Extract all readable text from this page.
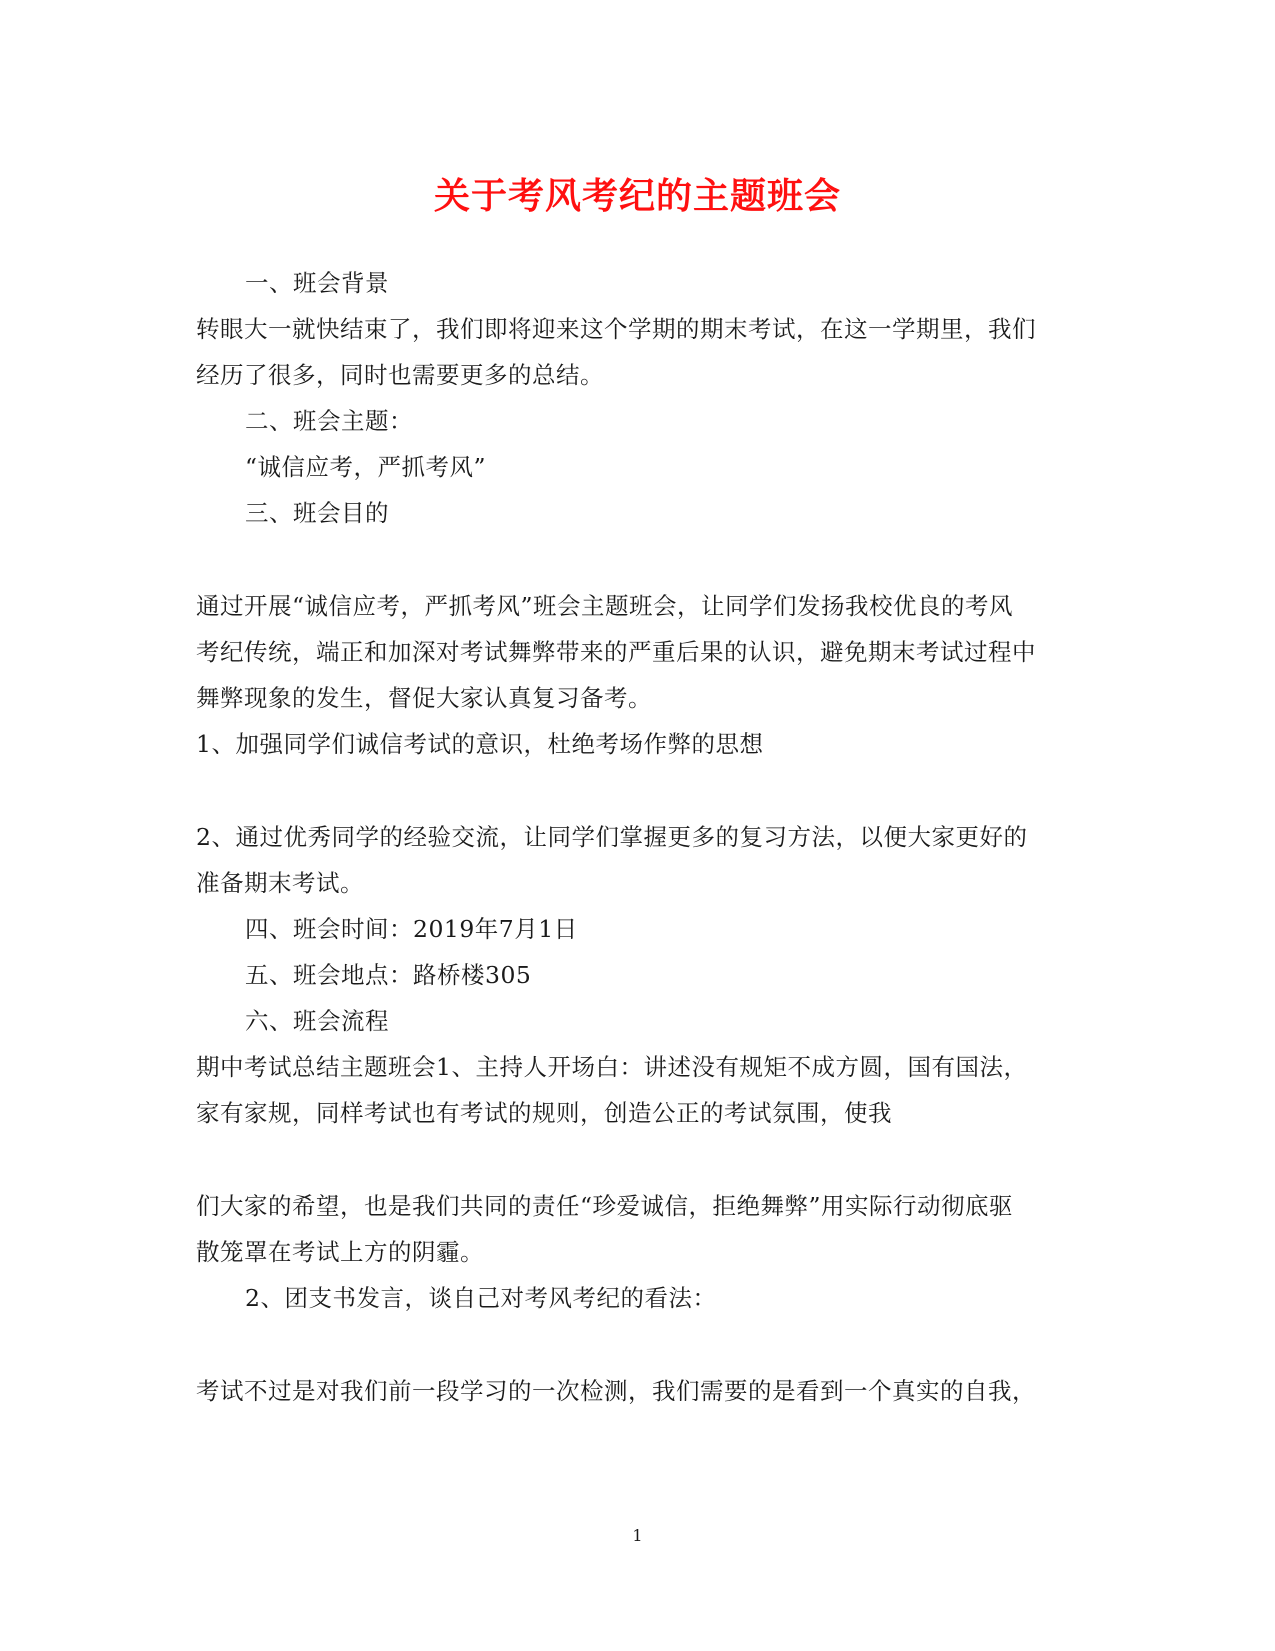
关于考风考纪的主题班会
一、班会背景
转眼大一就快结束了，我们即将迎来这个学期的期末考试，在这一学期里，我们
经历了很多，同时也需要更多的总结。
二、班会主题：
“诚信应考，严抓考风”
三、班会目的
通过开展“诚信应考，严抓考风”班会主题班会，让同学们发扬我校优良的考风
考纪传统，端正和加深对考试舞弊带来的严重后果的认识，避免期末考试过程中
舞弊现象的发生，督促大家认真复习备考。
1、加强同学们诚信考试的意识，杜绝考场作弊的思想
2、通过优秀同学的经验交流，让同学们掌握更多的复习方法，以便大家更好的
准备期末考试。
四、班会时间：2019年7月1日
五、班会地点：路桥楼305
六、班会流程
期中考试总结主题班会1、主持人开场白：讲述没有规矩不成方圆，国有国法，
家有家规，同样考试也有考试的规则，创造公正的考试氛围，使我
们大家的希望，也是我们共同的责任“珍爱诚信，拒绝舞弊”用实际行动彻底驱
散笼罩在考试上方的阴霾。
2、团支书发言，谈自己对考风考纪的看法：
考试不过是对我们前一段学习的一次检测，我们需要的是看到一个真实的自我，
1
